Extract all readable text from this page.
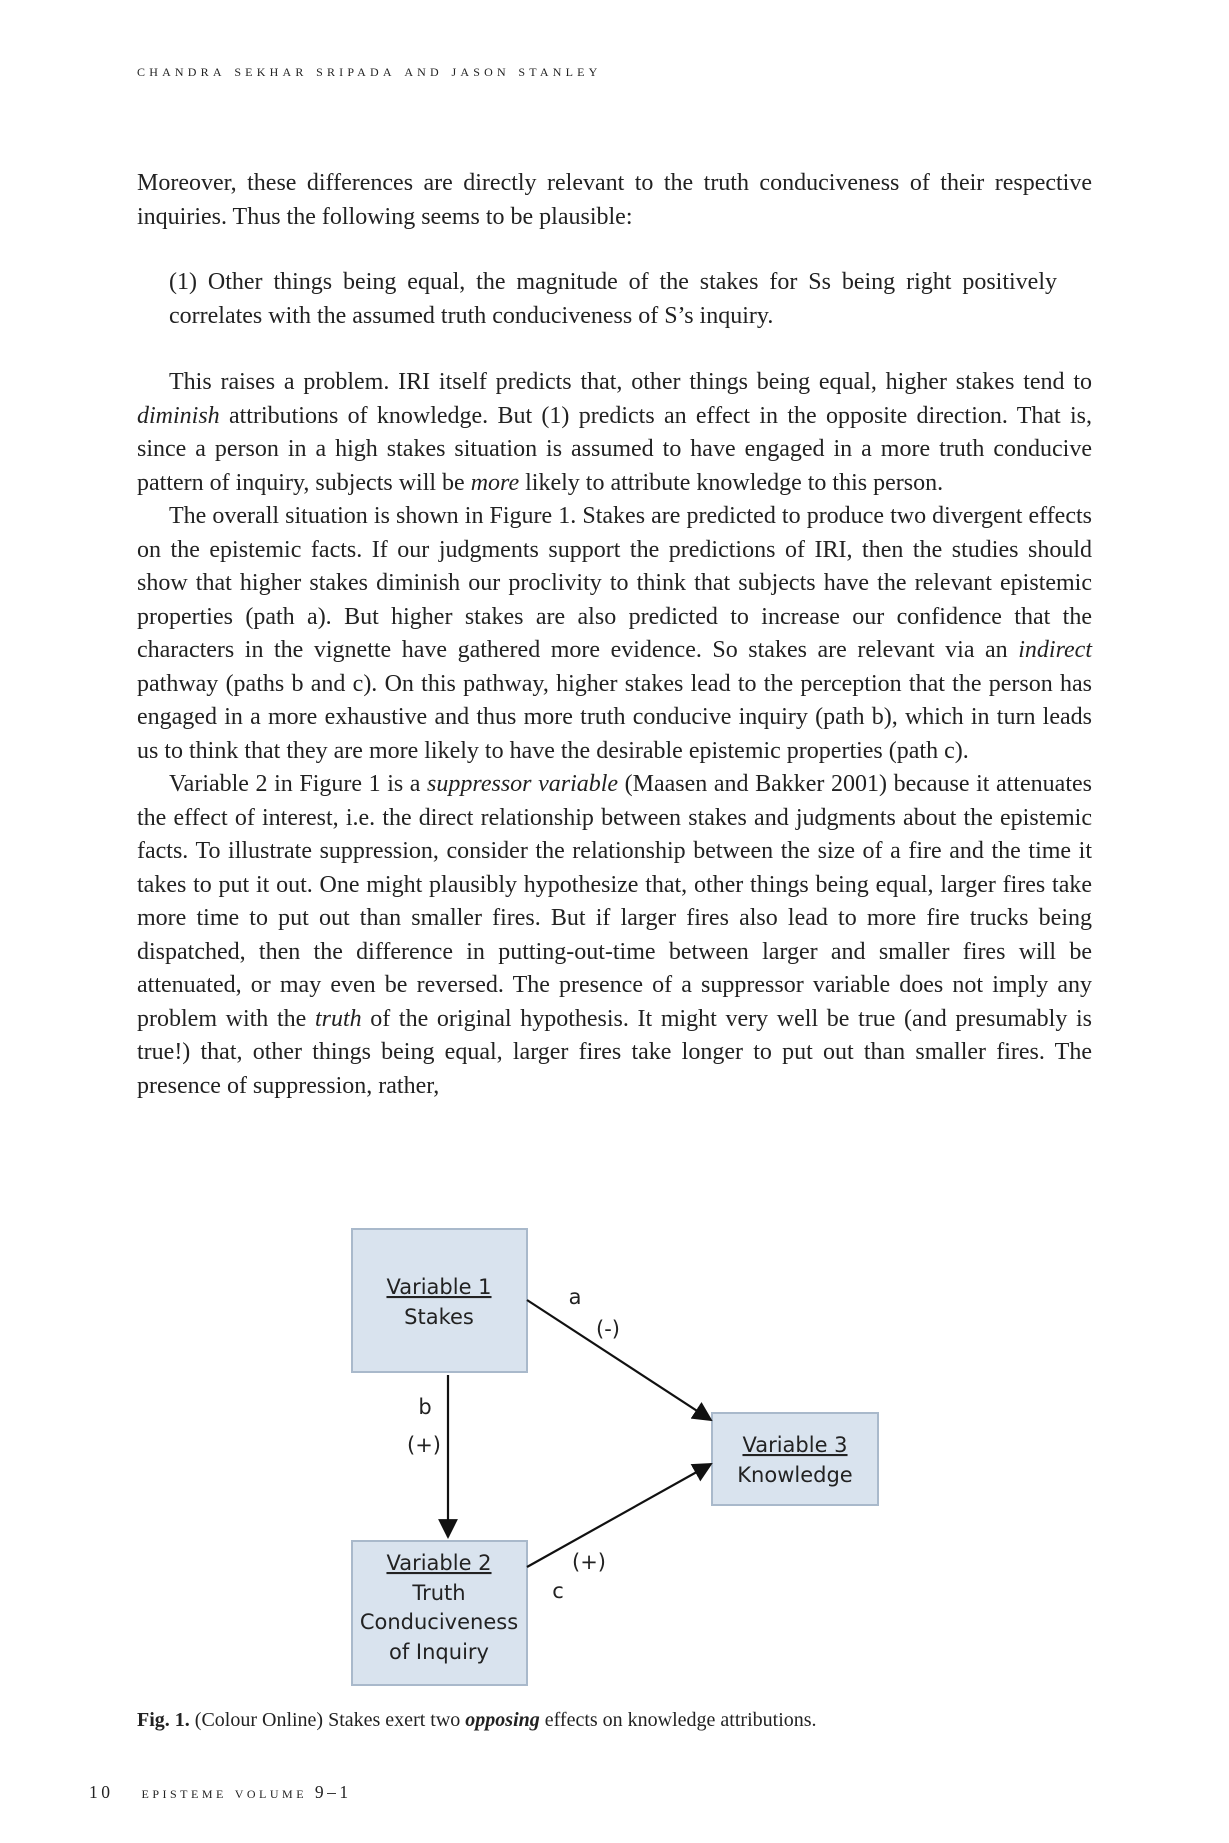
chandra sekhar sripada and jason stanley

Moreover, these differences are directly relevant to the truth conduciveness of their respective inquiries. Thus the following seems to be plausible:

(1) Other things being equal, the magnitude of the stakes for Ss being right positively correlates with the assumed truth conduciveness of S’s inquiry.

This raises a problem. IRI itself predicts that, other things being equal, higher stakes tend to diminish attributions of knowledge. But (1) predicts an effect in the opposite direction. That is, since a person in a high stakes situation is assumed to have engaged in a more truth conducive pattern of inquiry, subjects will be more likely to attribute knowledge to this person.

The overall situation is shown in Figure 1. Stakes are predicted to produce two divergent effects on the epistemic facts. If our judgments support the predictions of IRI, then the studies should show that higher stakes diminish our proclivity to think that subjects have the relevant epistemic properties (path a). But higher stakes are also predicted to increase our confidence that the characters in the vignette have gathered more evidence. So stakes are relevant via an indirect pathway (paths b and c). On this pathway, higher stakes lead to the perception that the person has engaged in a more exhaustive and thus more truth conducive inquiry (path b), which in turn leads us to think that they are more likely to have the desirable epistemic properties (path c).

Variable 2 in Figure 1 is a suppressor variable (Maasen and Bakker 2001) because it attenuates the effect of interest, i.e. the direct relationship between stakes and judgments about the epistemic facts. To illustrate suppression, consider the relationship between the size of a fire and the time it takes to put it out. One might plausibly hypothesize that, other things being equal, larger fires take more time to put out than smaller fires. But if larger fires also lead to more fire trucks being dispatched, then the difference in putting-out-time between larger and smaller fires will be attenuated, or may even be reversed. The presence of a suppressor variable does not imply any problem with the truth of the original hypothesis. It might very well be true (and presumably is true!) that, other things being equal, larger fires take longer to put out than smaller fires. The presence of suppression, rather,

Variable 1
Stakes
Variable 2
Truth
Conduciveness
of Inquiry
Variable 3
Knowledge
a
(-)
b
(+)
(+)
c
Fig. 1. (Colour Online) Stakes exert two opposing effects on knowledge attributions.
10 episteme volume 9–1
